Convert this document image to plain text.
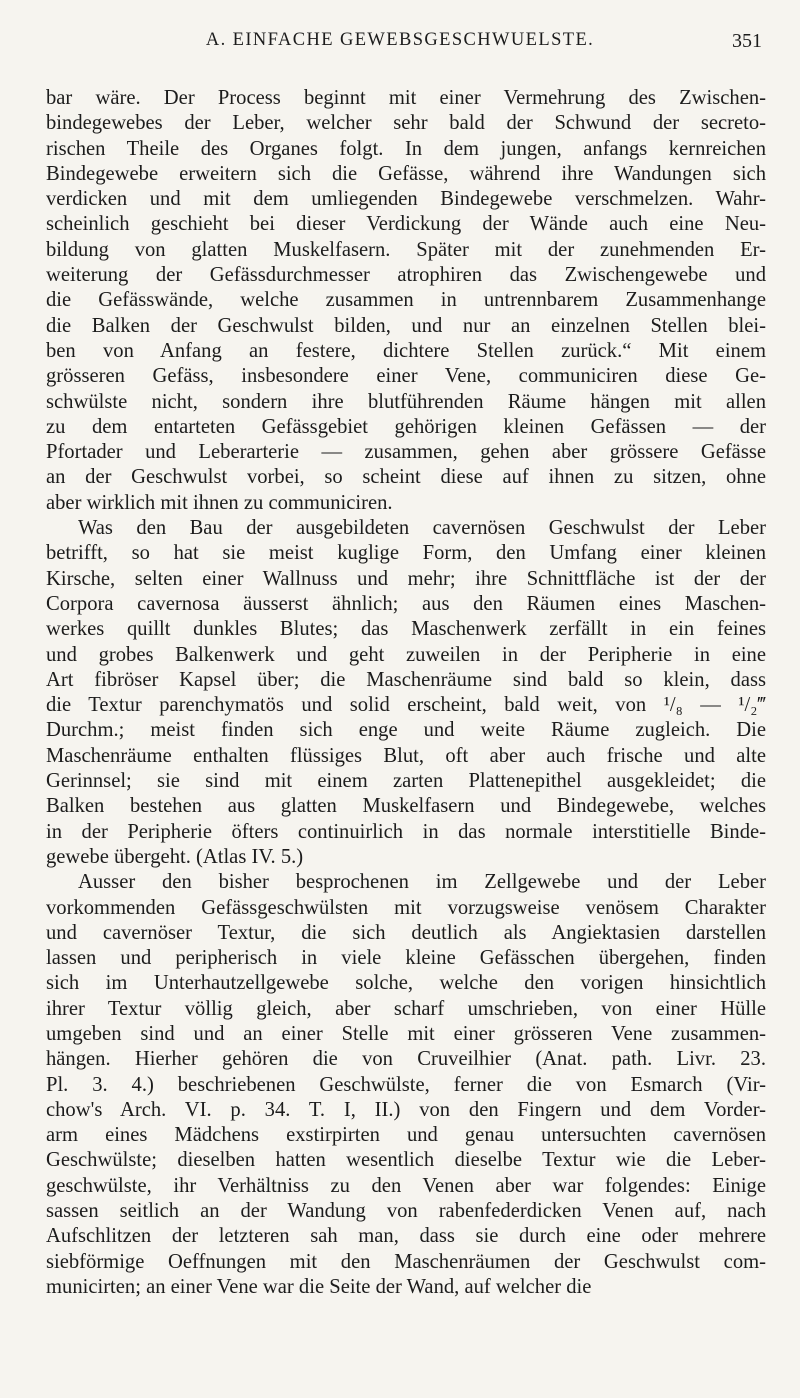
A. EINFACHE GEWEBSGESCHWUELSTE.	351
bar wäre. Der Process beginnt mit einer Vermehrung des Zwischen-
bindegewebes der Leber, welcher sehr bald der Schwund der secreto-
rischen Theile des Organes folgt. In dem jungen, anfangs kernreichen
Bindegewebe erweitern sich die Gefässe, während ihre Wandungen sich
verdicken und mit dem umliegenden Bindegewebe verschmelzen. Wahr-
scheinlich geschieht bei dieser Verdickung der Wände auch eine Neu-
bildung von glatten Muskelfasern. Später mit der zunehmenden Er-
weiterung der Gefässdurchmesser atrophiren das Zwischengewebe und
die Gefässwände, welche zusammen in untrennbarem Zusammenhange
die Balken der Geschwulst bilden, und nur an einzelnen Stellen blei-
ben von Anfang an festere, dichtere Stellen zurück.“ Mit einem
grösseren Gefäss, insbesondere einer Vene, communiciren diese Ge-
schwülste nicht, sondern ihre blutführenden Räume hängen mit allen
zu dem entarteten Gefässgebiet gehörigen kleinen Gefässen — der
Pfortader und Leberarterie — zusammen, gehen aber grössere Gefässe
an der Geschwulst vorbei, so scheint diese auf ihnen zu sitzen, ohne
aber wirklich mit ihnen zu communiciren.
Was den Bau der ausgebildeten cavernösen Geschwulst der Leber
betrifft, so hat sie meist kuglige Form, den Umfang einer kleinen
Kirsche, selten einer Wallnuss und mehr; ihre Schnittfläche ist der der
Corpora cavernosa äusserst ähnlich; aus den Räumen eines Maschen-
werkes quillt dunkles Blutes; das Maschenwerk zerfällt in ein feines
und grobes Balkenwerk und geht zuweilen in der Peripherie in eine
Art fibröser Kapsel über; die Maschenräume sind bald so klein, dass
die Textur parenchymatös und solid erscheint, bald weit, von ¹/₈ — ¹/₂‴
Durchm.; meist finden sich enge und weite Räume zugleich. Die
Maschenräume enthalten flüssiges Blut, oft aber auch frische und alte
Gerinnsel; sie sind mit einem zarten Plattenepithel ausgekleidet; die
Balken bestehen aus glatten Muskelfasern und Bindegewebe, welches
in der Peripherie öfters continuirlich in das normale interstitielle Binde-
gewebe übergeht. (Atlas IV. 5.)
Ausser den bisher besprochenen im Zellgewebe und der Leber
vorkommenden Gefässgeschwülsten mit vorzugsweise venösem Charakter
und cavernöser Textur, die sich deutlich als Angiektasien darstellen
lassen und peripherisch in viele kleine Gefässchen übergehen, finden
sich im Unterhautzellgewebe solche, welche den vorigen hinsichtlich
ihrer Textur völlig gleich, aber scharf umschrieben, von einer Hülle
umgeben sind und an einer Stelle mit einer grösseren Vene zusammen-
hängen. Hierher gehören die von Cruveilhier (Anat. path. Livr. 23.
Pl. 3. 4.) beschriebenen Geschwülste, ferner die von Esmarch (Vir-
chow's Arch. VI. p. 34. T. I, II.) von den Fingern und dem Vorder-
arm eines Mädchens exstirpirten und genau untersuchten cavernösen
Geschwülste; dieselben hatten wesentlich dieselbe Textur wie die Leber-
geschwülste, ihr Verhältniss zu den Venen aber war folgendes: Einige
sassen seitlich an der Wandung von rabenfederdicken Venen auf, nach
Aufschlitzen der letzteren sah man, dass sie durch eine oder mehrere
siebförmige Oeffnungen mit den Maschenräumen der Geschwulst com-
municirten; an einer Vene war die Seite der Wand, auf welcher die
